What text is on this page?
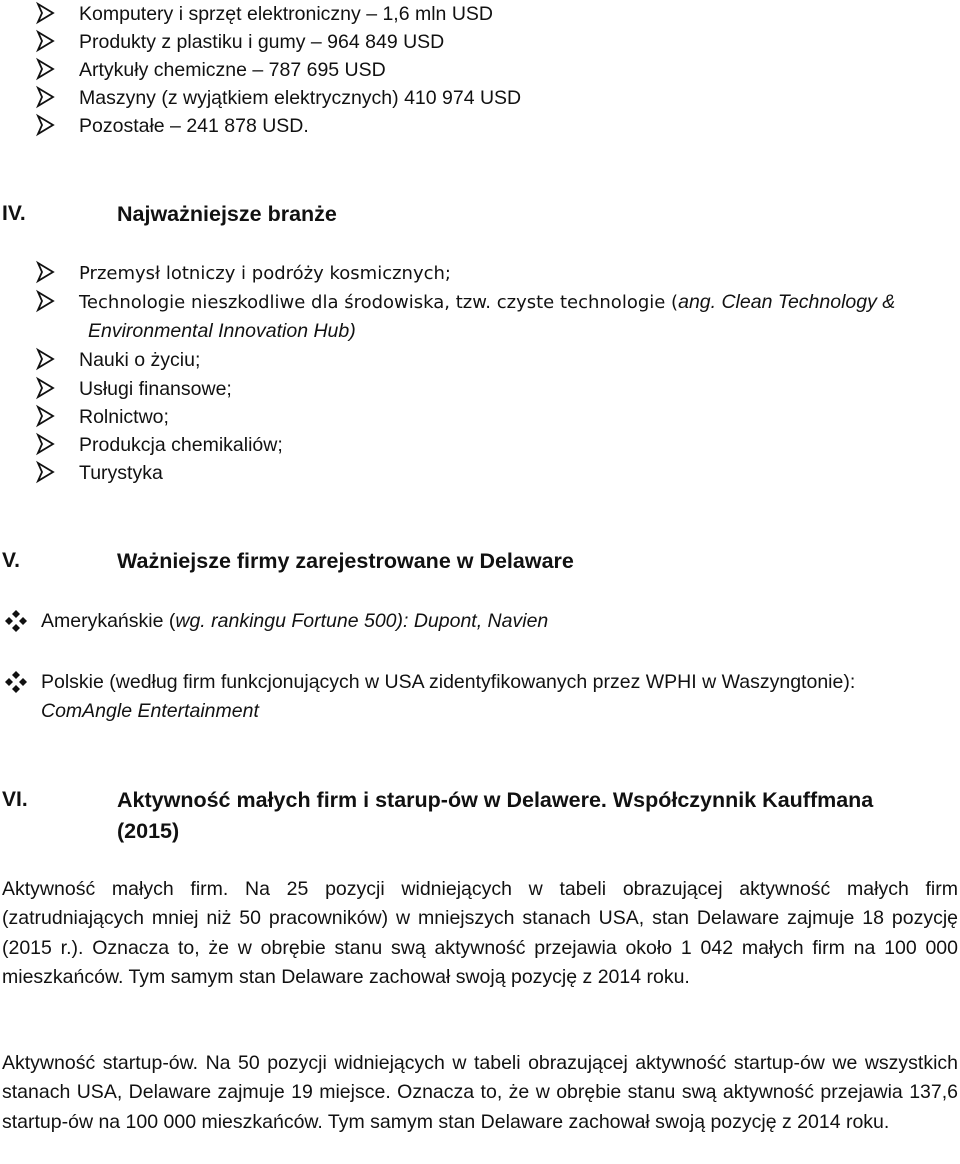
Komputery i sprzęt elektroniczny – 1,6 mln USD
Produkty z plastiku i gumy – 964 849 USD
Artykuły chemiczne – 787 695 USD
Maszyny (z wyjątkiem elektrycznych) 410 974 USD
Pozostałe – 241 878 USD.
IV.	Najważniejsze branże
Przemysł lotniczy i podróży kosmicznych;
Technologie nieszkodliwe dla środowiska, tzw. czyste technologie (ang. Clean Technology &
Environmental Innovation Hub)
Nauki o życiu;
Usługi finansowe;
Rolnictwo;
Produkcja chemikaliów;
Turystyka
V.	Ważniejsze firmy zarejestrowane w Delaware
Amerykańskie (wg. rankingu Fortune 500): Dupont, Navien
Polskie (według firm funkcjonujących w USA zidentyfikowanych przez WPHI w Waszyngtonie):
ComAngle Entertainment
VI.	Aktywność małych firm i starup-ów w Delawere. Współczynnik Kauffmana
(2015)
Aktywność małych firm. Na 25 pozycji widniejących w tabeli obrazującej aktywność małych firm (zatrudniających mniej niż 50 pracowników) w mniejszych stanach USA, stan Delaware zajmuje 18 pozycję (2015 r.). Oznacza to, że w obrębie stanu swą aktywność przejawia około 1 042 małych firm na 100 000 mieszkańców. Tym samym stan Delaware zachował swoją pozycję z 2014 roku.
Aktywność startup-ów. Na 50 pozycji widniejących w tabeli obrazującej aktywność startup-ów we wszystkich stanach USA, Delaware zajmuje 19 miejsce. Oznacza to, że w obrębie stanu swą aktywność przejawia 137,6 startup-ów na 100 000 mieszkańców. Tym samym stan Delaware zachował swoją pozycję z 2014 roku.
